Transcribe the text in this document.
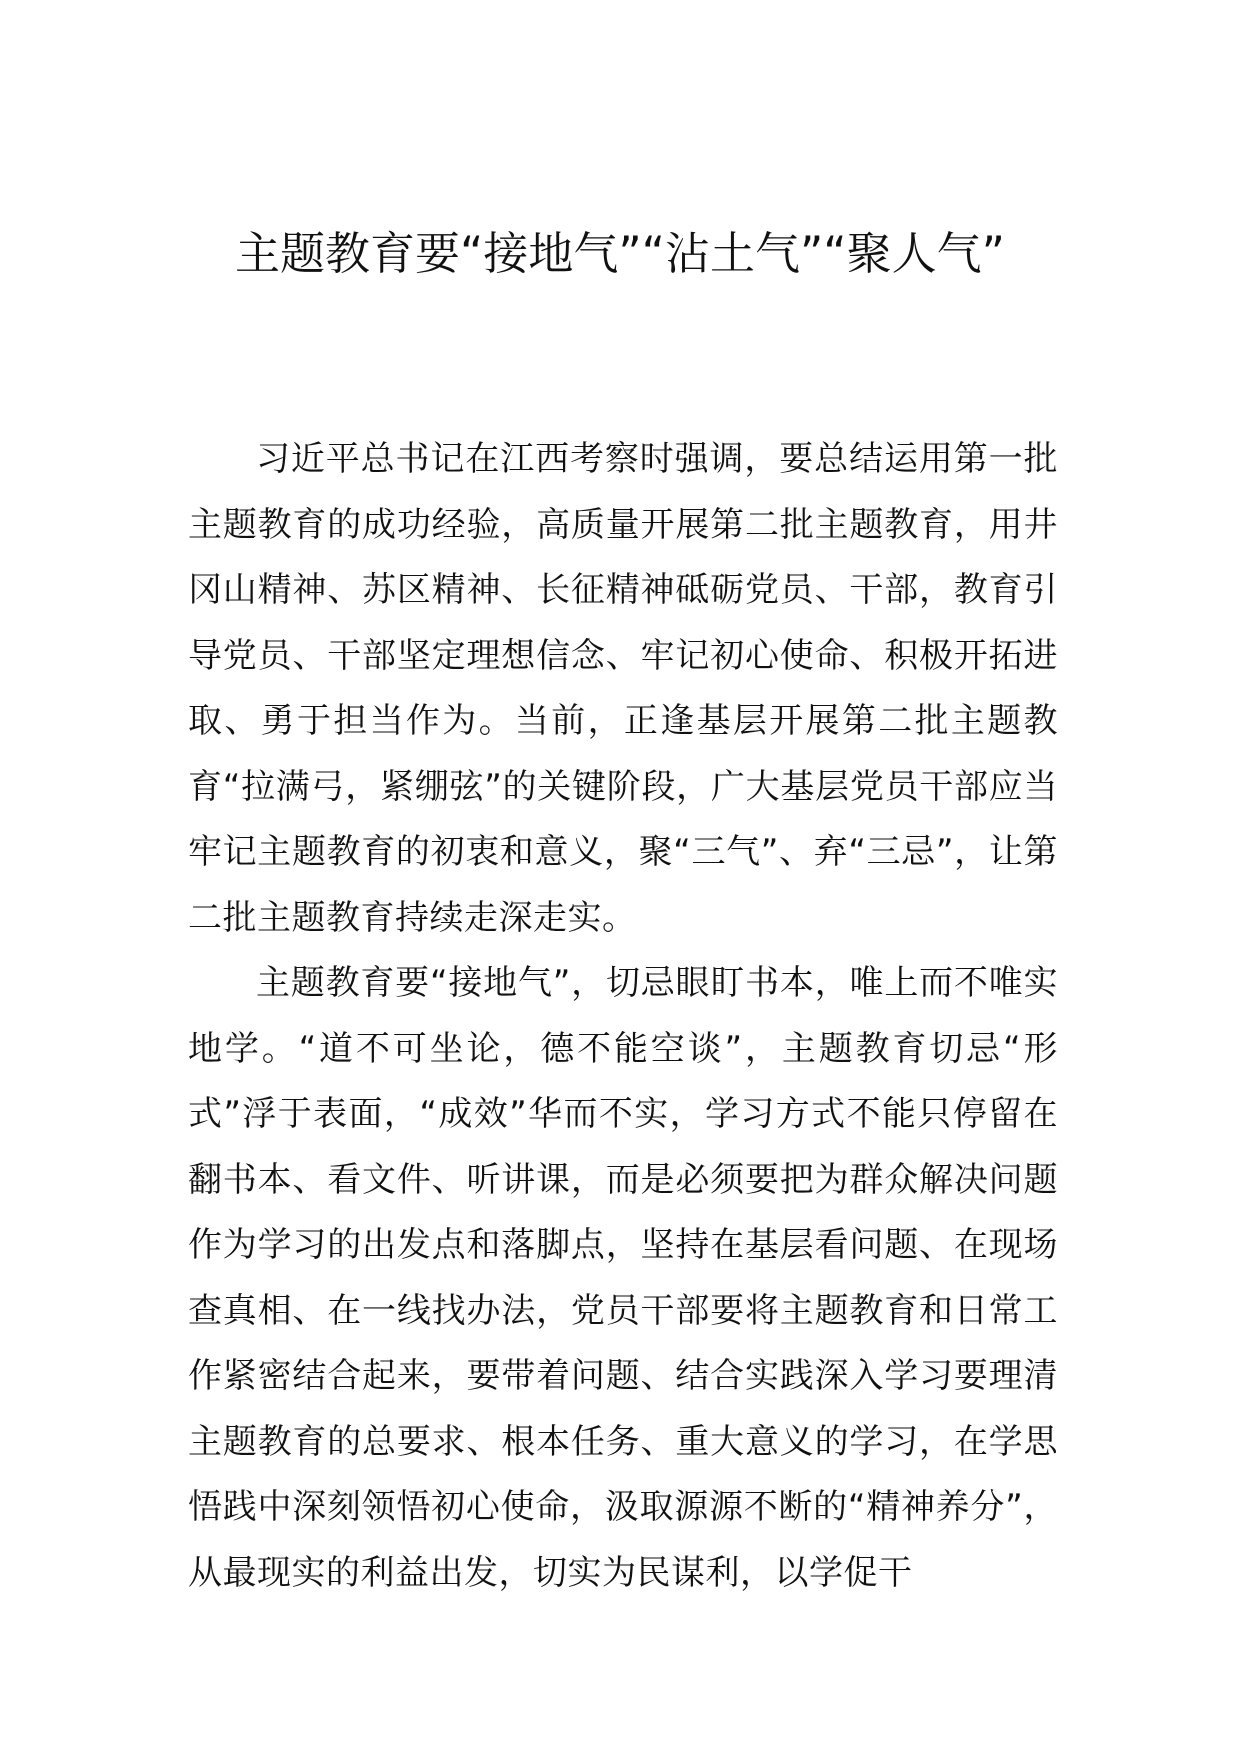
主题教育要“接地气”“沾土气”“聚人气”

习近平总书记在江西考察时强调，要总结运用第一批主题教育的成功经验，高质量开展第二批主题教育，用井冈山精神、苏区精神、长征精神砥砺党员、干部，教育引导党员、干部坚定理想信念、牢记初心使命、积极开拓进取、勇于担当作为。当前，正逢基层开展第二批主题教育“拉满弓，紧绷弦”的关键阶段，广大基层党员干部应当牢记主题教育的初衷和意义，聚“三气”、弃“三忌”，让第二批主题教育持续走深走实。

主题教育要“接地气”，切忌眼盯书本，唯上而不唯实地学。“道不可坐论，德不能空谈”，主题教育切忌“形式”浮于表面，“成效”华而不实，学习方式不能只停留在翻书本、看文件、听讲课，而是必须要把为群众解决问题作为学习的出发点和落脚点，坚持在基层看问题、在现场查真相、在一线找办法，党员干部要将主题教育和日常工作紧密结合起来，要带着问题、结合实践深入学习要理清主题教育的总要求、根本任务、重大意义的学习，在学思悟践中深刻领悟初心使命，汲取源源不断的“精神养分”，从最现实的利益出发，切实为民谋利，以学促干
